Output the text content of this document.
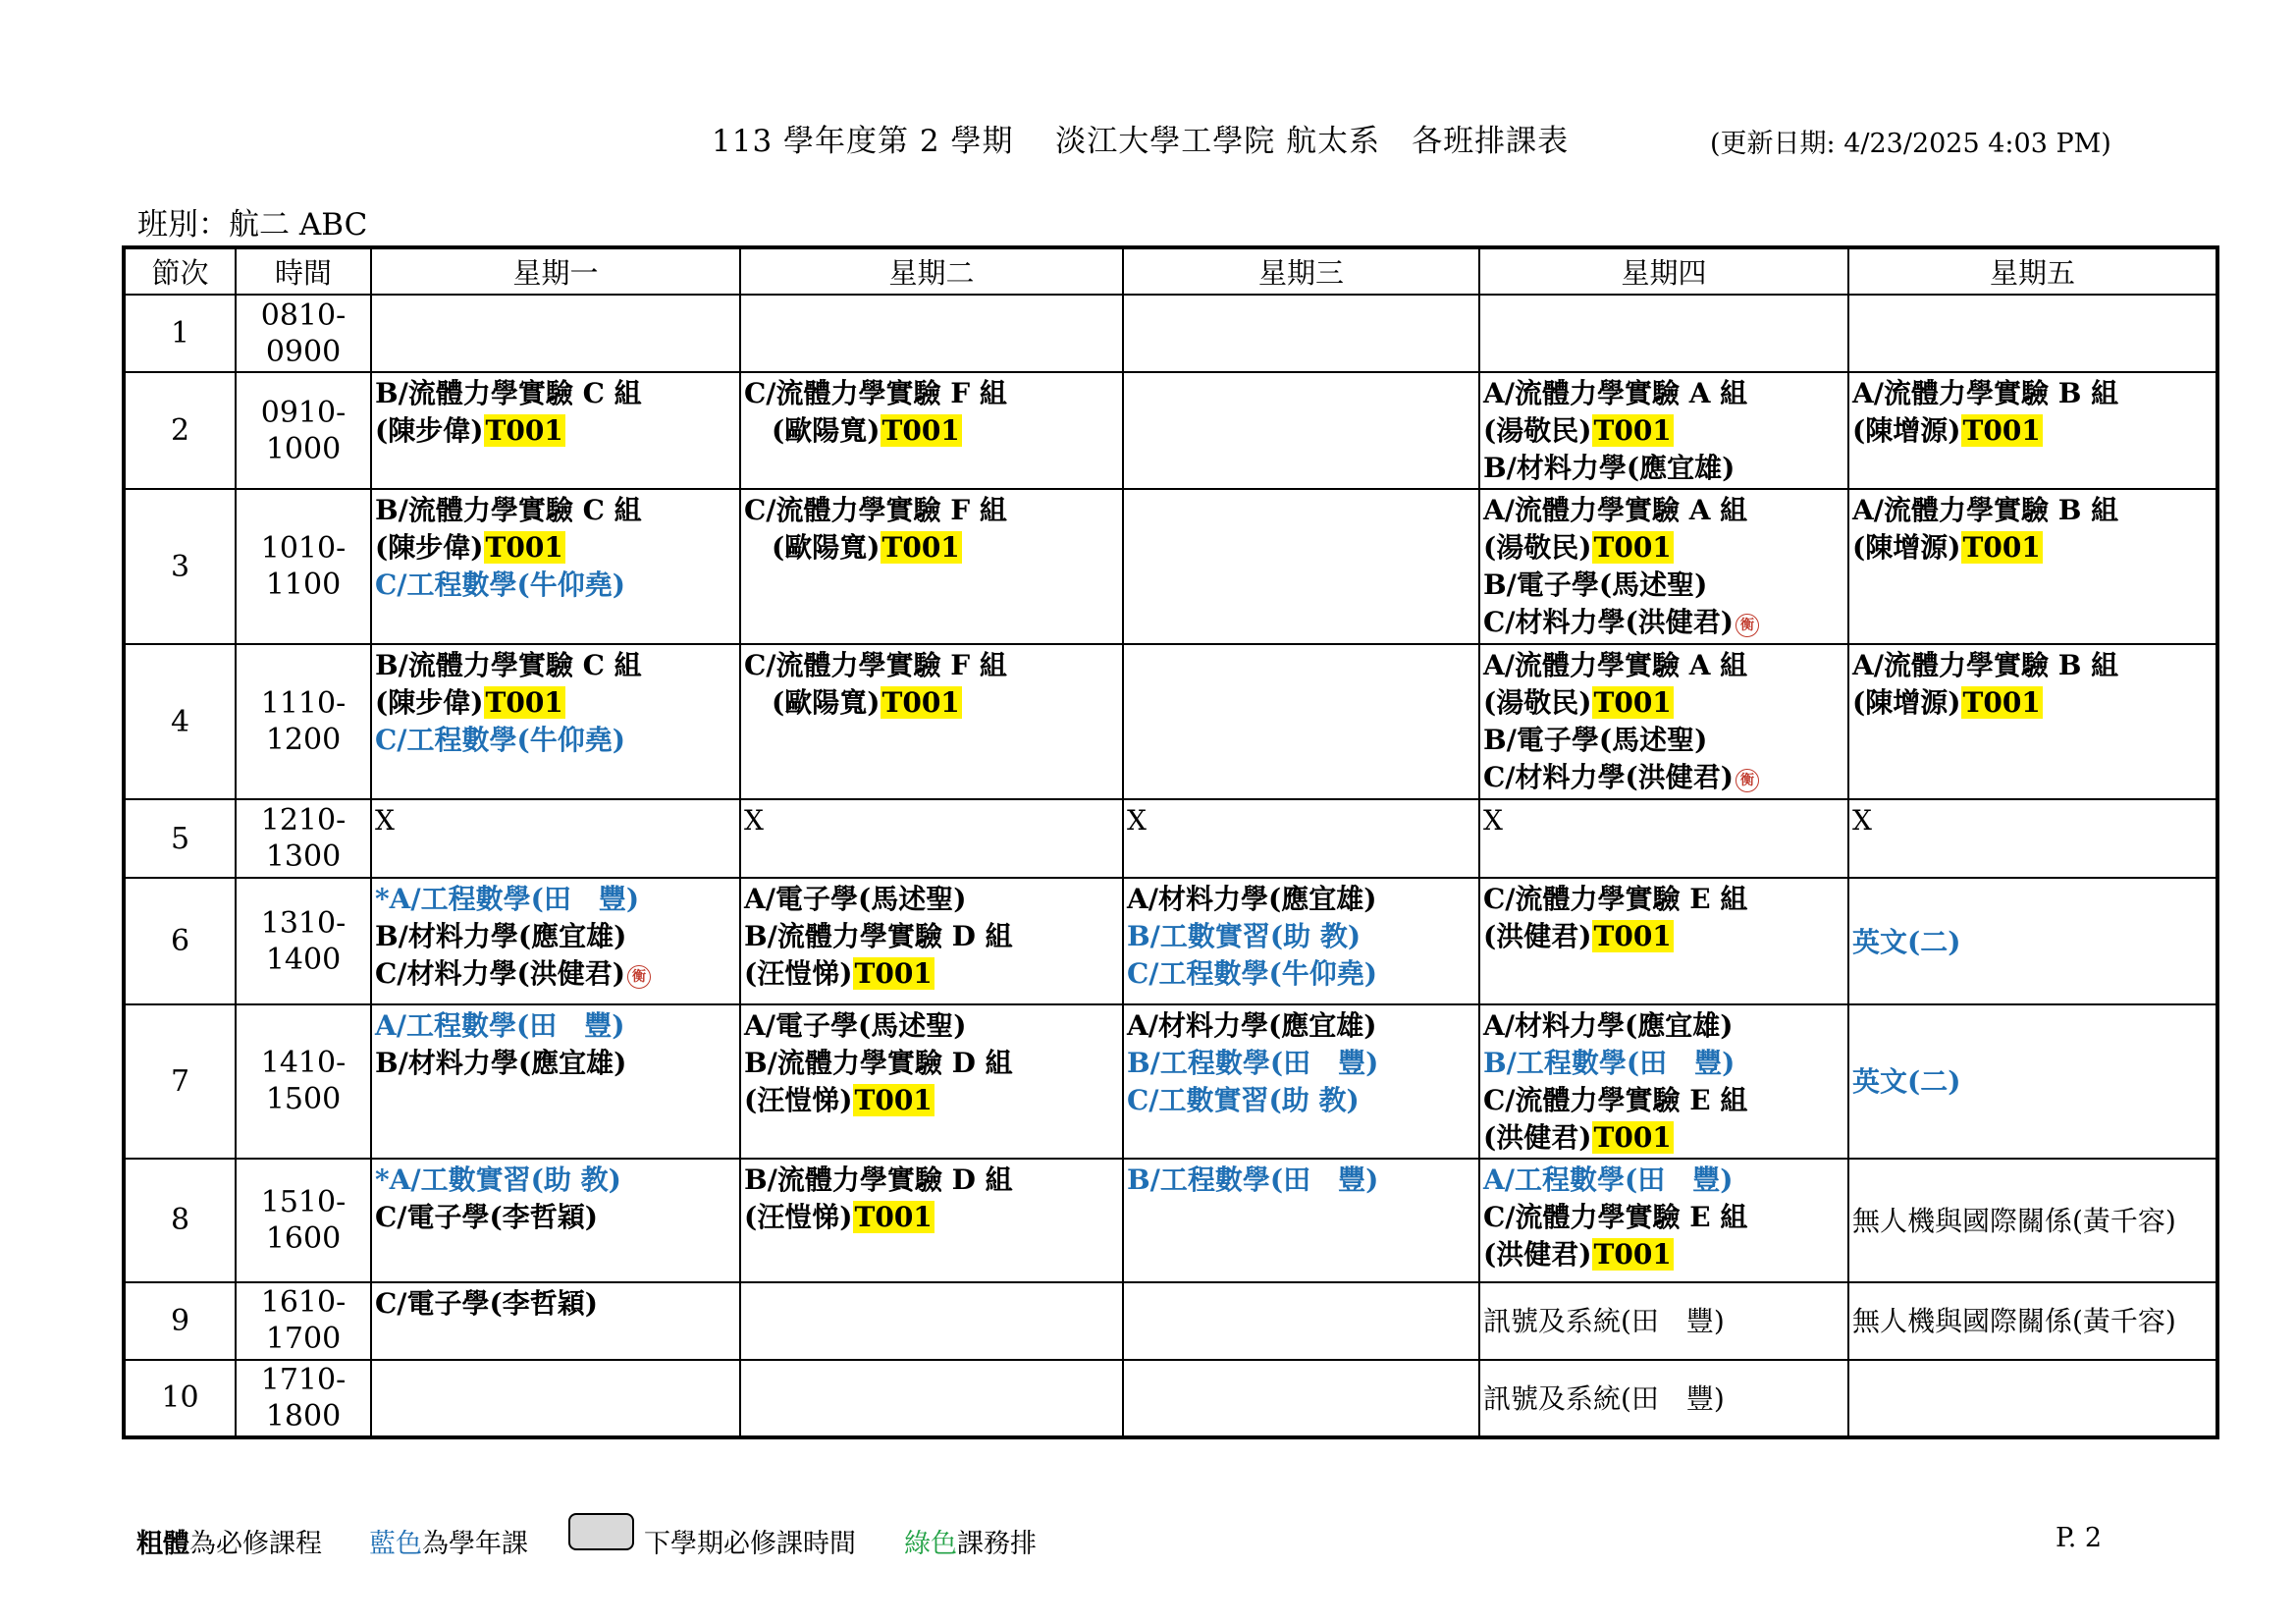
113 學年度第 2 學期　 淡江大學工學院 航太系　各班排課表	(更新日期: 4/23/2025 4:03 PM)
班別：航二 ABC
節次	時間	星期一	星期二	星期三	星期四	星期五
1	0810-
0900					

2	0910-
1000	B/流體力學實驗 C 組
(陳步偉)T001	C/流體力學實驗 F 組
(歐陽寬)T001		A/流體力學實驗 A 組
(湯敬民)T001
B/材料力學(應宜雄)	A/流體力學實驗 B 組
(陳增源)T001

3	1010-
1100	B/流體力學實驗 C 組
(陳步偉)T001
C/工程數學(牛仰堯)	C/流體力學實驗 F 組
(歐陽寬)T001		A/流體力學實驗 A 組
(湯敬民)T001
B/電子學(馬述聖)
C/材料力學(洪健君) 衡	A/流體力學實驗 B 組
(陳增源)T001

4	1110-
1200	B/流體力學實驗 C 組
(陳步偉)T001
C/工程數學(牛仰堯)	C/流體力學實驗 F 組
(歐陽寬)T001		A/流體力學實驗 A 組
(湯敬民)T001
B/電子學(馬述聖)
C/材料力學(洪健君) 衡	A/流體力學實驗 B 組
(陳增源)T001

5	1210-
1300	X	X	X	X	X

6	1310-
1400	*A/工程數學(田　豐)
B/材料力學(應宜雄)
C/材料力學(洪健君) 衡	A/電子學(馬述聖)
B/流體力學實驗 D 組
(汪愷悌)T001	A/材料力學(應宜雄)
B/工數實習(助 教)
C/工程數學(牛仰堯)	C/流體力學實驗 E 組
(洪健君)T001	英文(二)

7	1410-
1500	A/工程數學(田　豐)
B/材料力學(應宜雄)	A/電子學(馬述聖)
B/流體力學實驗 D 組
(汪愷悌)T001	A/材料力學(應宜雄)
B/工程數學(田　豐)
C/工數實習(助 教)	A/材料力學(應宜雄)
B/工程數學(田　豐)
C/流體力學實驗 E 組
(洪健君)T001	英文(二)

8	1510-
1600	*A/工數實習(助 教)
C/電子學(李哲穎)	B/流體力學實驗 D 組
(汪愷悌)T001	B/工程數學(田　豐)	A/工程數學(田　豐)
C/流體力學實驗 E 組
(洪健君)T001	無人機與國際關係(黃千容)

9	1610-
1700	C/電子學(李哲穎)			訊號及系統(田　豐)	無人機與國際關係(黃千容)

10	1710-
1800				訊號及系統(田　豐)	

粗體為必修課程 藍色為學年課	下學期必修課時間 綠色課務排	P. 2
